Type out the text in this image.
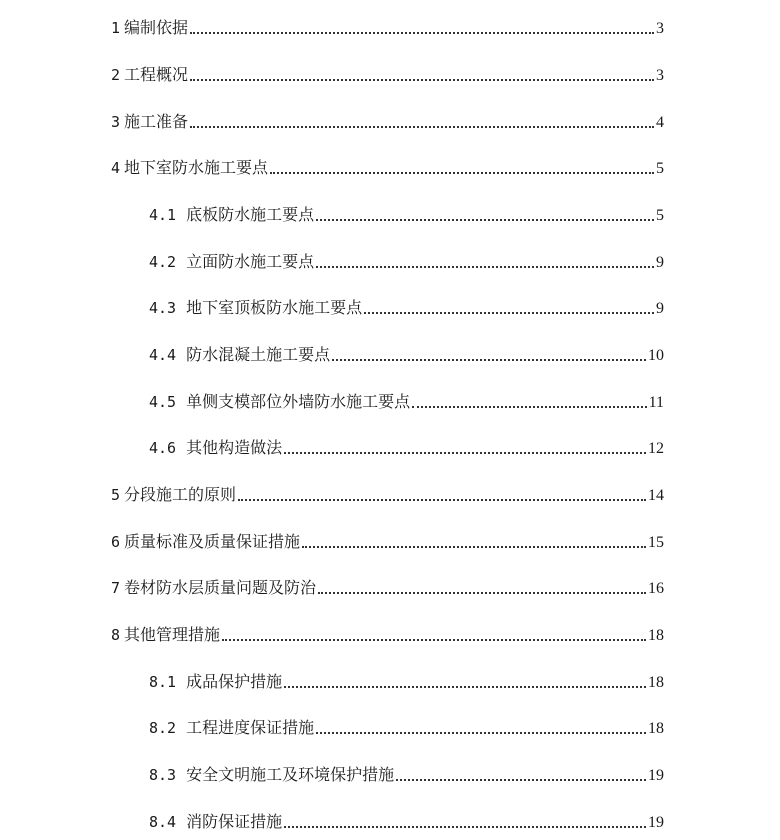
1 编制依据	3
2 工程概况	3
3 施工准备	4
4 地下室防水施工要点	5
4.1 底板防水施工要点	5
4.2 立面防水施工要点	9
4.3 地下室顶板防水施工要点	9
4.4 防水混凝土施工要点	10
4.5 单侧支模部位外墙防水施工要点	11
4.6 其他构造做法	12
5 分段施工的原则	14
6 质量标准及质量保证措施	15
7 卷材防水层质量问题及防治	16
8 其他管理措施	18
8.1 成品保护措施	18
8.2 工程进度保证措施	18
8.3 安全文明施工及环境保护措施	19
8.4 消防保证措施	19
